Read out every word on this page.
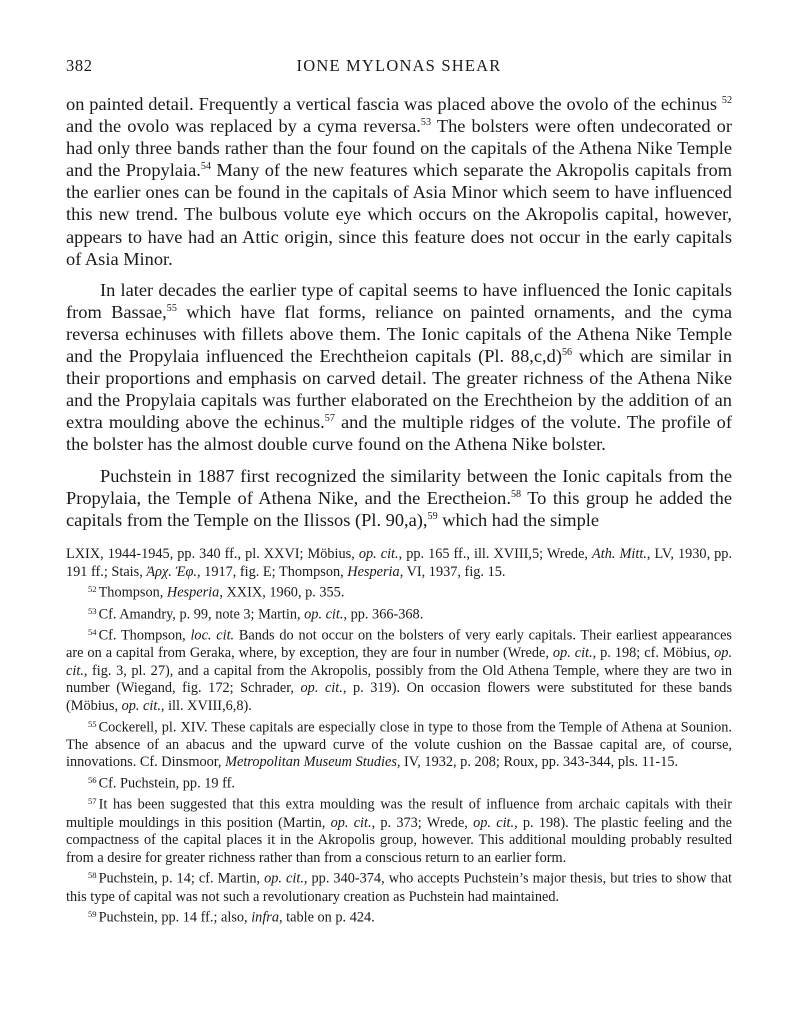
382	IONE MYLONAS SHEAR

on painted detail. Frequently a vertical fascia was placed above the ovolo of the echinus $^{52}$ and the ovolo was replaced by a cyma reversa.$^{53}$ The bolsters were often undecorated or had only three bands rather than the four found on the capitals of the Athena Nike Temple and the Propylaia.$^{54}$ Many of the new features which separate the Akropolis capitals from the earlier ones can be found in the capitals of Asia Minor which seem to have influenced this new trend. The bulbous volute eye which occurs on the Akropolis capital, however, appears to have had an Attic origin, since this feature does not occur in the early capitals of Asia Minor.

In later decades the earlier type of capital seems to have influenced the Ionic capitals from Bassae,$^{55}$ which have flat forms, reliance on painted ornaments, and the cyma reversa echinuses with fillets above them. The Ionic capitals of the Athena Nike Temple and the Propylaia influenced the Erechtheion capitals (Pl. 88,c,d)$^{56}$ which are similar in their proportions and emphasis on carved detail. The greater richness of the Athena Nike and the Propylaia capitals was further elaborated on the Erechtheion by the addition of an extra moulding above the echinus.$^{57}$ and the multiple ridges of the volute. The profile of the bolster has the almost double curve found on the Athena Nike bolster.

Puchstein in 1887 first recognized the similarity between the Ionic capitals from the Propylaia, the Temple of Athena Nike, and the Erectheion.$^{58}$ To this group he added the capitals from the Temple on the Ilissos (Pl. 90,a),$^{59}$ which had the simple

LXIX, 1944-1945, pp. 340 ff., pl. XXVI; Möbius, op. cit., pp. 165 ff., ill. XVIII,5; Wrede, Ath. Mitt., LV, 1930, pp. 191 ff.; Stais, Ἀρχ. Ἐφ., 1917, fig. E; Thompson, Hesperia, VI, 1937, fig. 15.

$^{52}$ Thompson, Hesperia, XXIX, 1960, p. 355.

$^{53}$ Cf. Amandry, p. 99, note 3; Martin, op. cit., pp. 366-368.

$^{54}$ Cf. Thompson, loc. cit. Bands do not occur on the bolsters of very early capitals. Their earliest appearances are on a capital from Geraka, where, by exception, they are four in number (Wrede, op. cit., p. 198; cf. Möbius, op. cit., fig. 3, pl. 27), and a capital from the Akropolis, possibly from the Old Athena Temple, where they are two in number (Wiegand, fig. 172; Schrader, op. cit., p. 319). On occasion flowers were substituted for these bands (Möbius, op. cit., ill. XVIII,6,8).

$^{55}$ Cockerell, pl. XIV. These capitals are especially close in type to those from the Temple of Athena at Sounion. The absence of an abacus and the upward curve of the volute cushion on the Bassae capital are, of course, innovations. Cf. Dinsmoor, Metropolitan Museum Studies, IV, 1932, p. 208; Roux, pp. 343-344, pls. 11-15.

$^{56}$ Cf. Puchstein, pp. 19 ff.

$^{57}$ It has been suggested that this extra moulding was the result of influence from archaic capitals with their multiple mouldings in this position (Martin, op. cit., p. 373; Wrede, op. cit., p. 198). The plastic feeling and the compactness of the capital places it in the Akropolis group, however. This additional moulding probably resulted from a desire for greater richness rather than from a conscious return to an earlier form.

$^{58}$ Puchstein, p. 14; cf. Martin, op. cit., pp. 340-374, who accepts Puchstein’s major thesis, but tries to show that this type of capital was not such a revolutionary creation as Puchstein had maintained.

$^{59}$ Puchstein, pp. 14 ff.; also, infra, table on p. 424.
